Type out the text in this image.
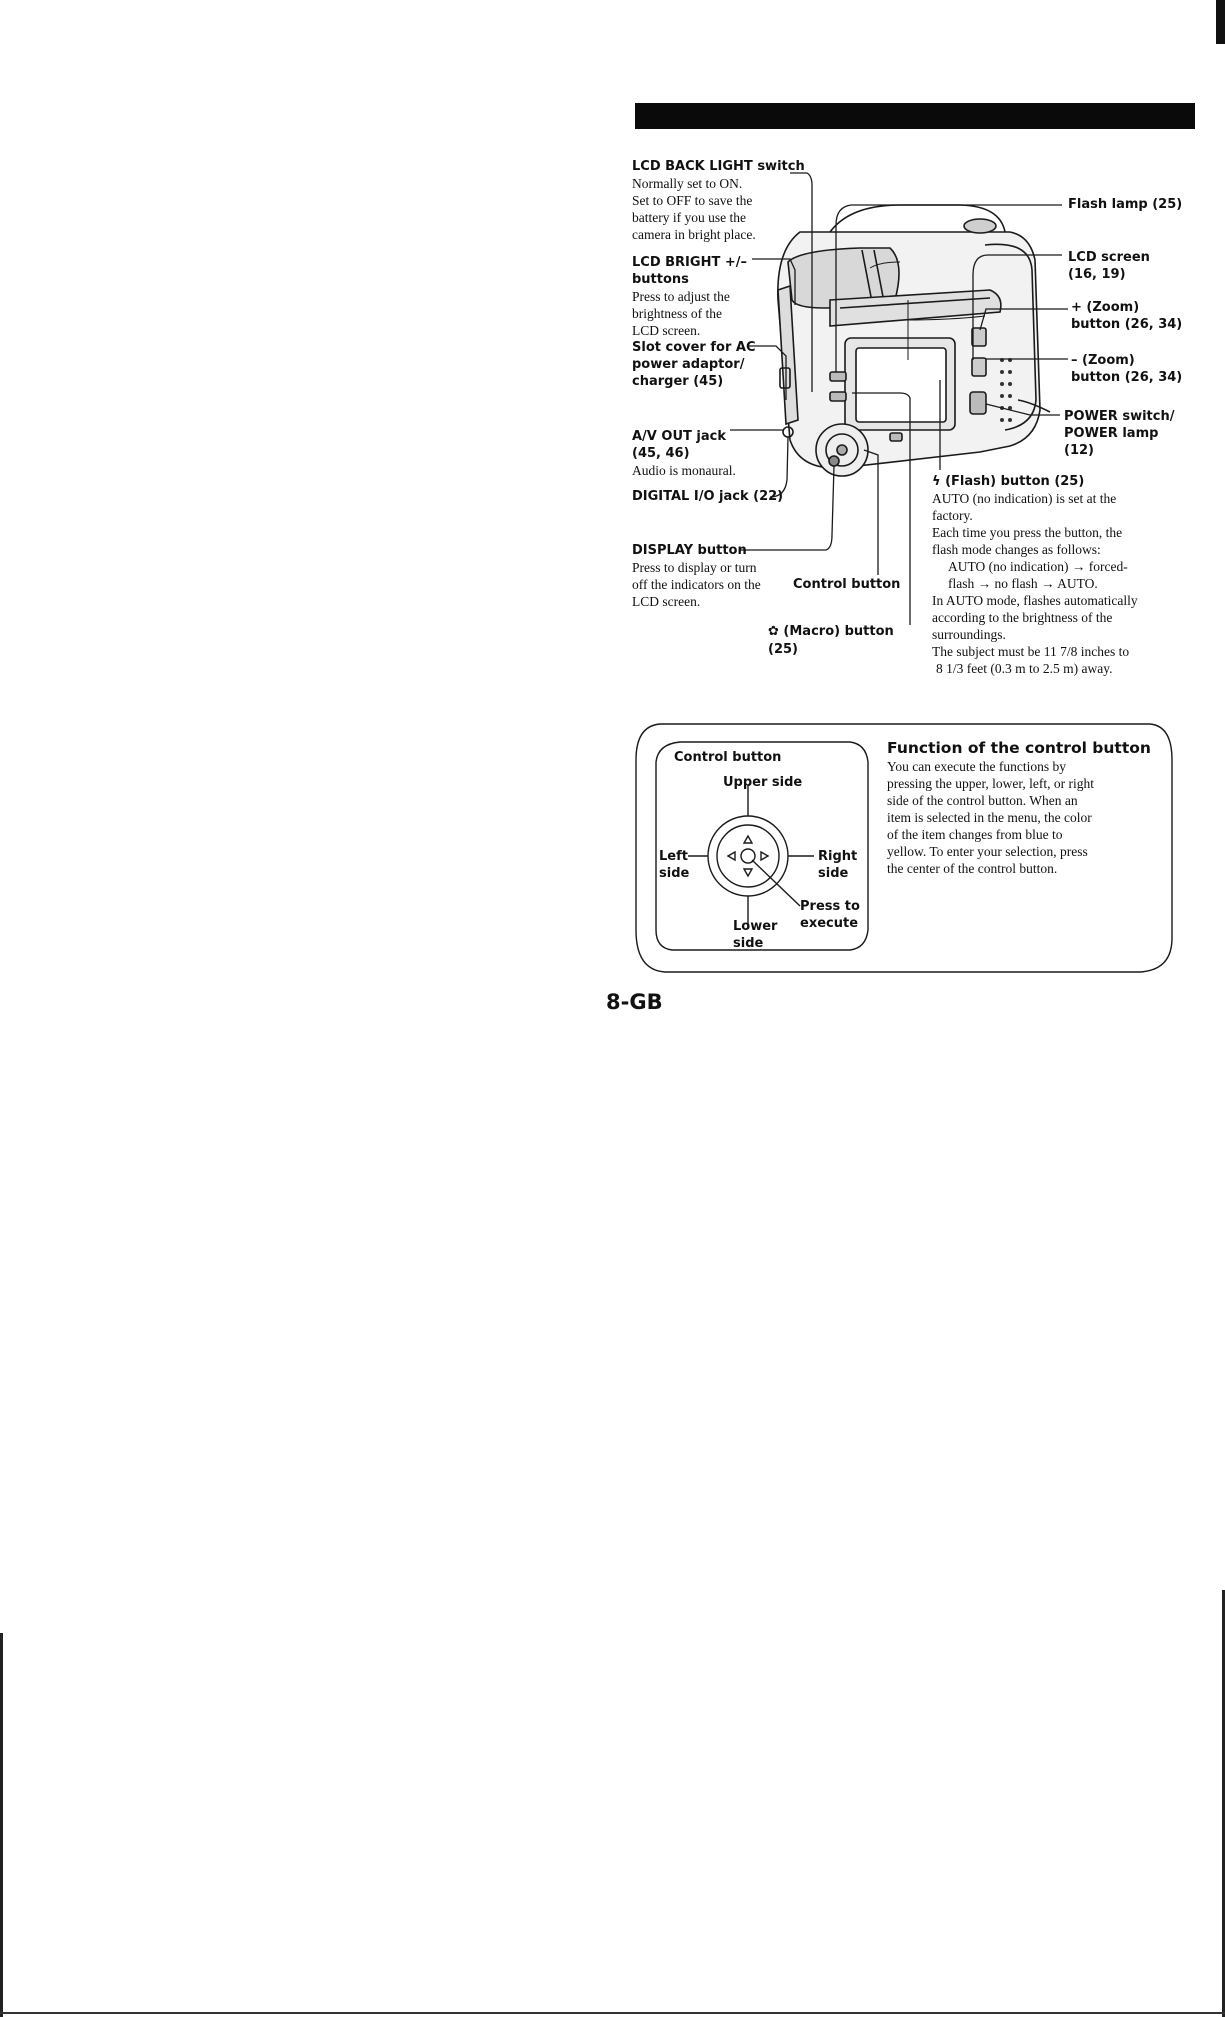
LCD BACK LIGHT switch
Normally set to ON.
Set to OFF to save the
battery if you use the
camera in bright place.
LCD BRIGHT +/–
buttons
Press to adjust the
brightness of the
LCD screen.
Slot cover for AC
power adaptor/
charger (45)
A/V OUT jack
(45, 46)
Audio is monaural.
DIGITAL I/O jack (22)
DISPLAY button
Press to display or turn
off the indicators on the
LCD screen.
Control button
✿ (Macro) button (25)
Flash lamp (25)
LCD screen
(16, 19)
+ (Zoom)
button (26, 34)
– (Zoom)
button (26, 34)
POWER switch/
POWER lamp
(12)
ϟ (Flash) button (25)
AUTO (no indication) is set at the
factory.
Each time you press the button, the
flash mode changes as follows:
AUTO (no indication) → forced-
flash → no flash → AUTO.
In AUTO mode, flashes automatically
according to the brightness of the
surroundings.
The subject must be 11 7/8 inches to
8 1/3 feet (0.3 m to 2.5 m) away.
Control button
Upper side
Left
side
Right
side
Press to
execute
Lower
side
Function of the control button
You can execute the functions by
pressing the upper, lower, left, or right
side of the control button. When an
item is selected in the menu, the color
of the item changes from blue to
yellow. To enter your selection, press
the center of the control button.
8-GB
